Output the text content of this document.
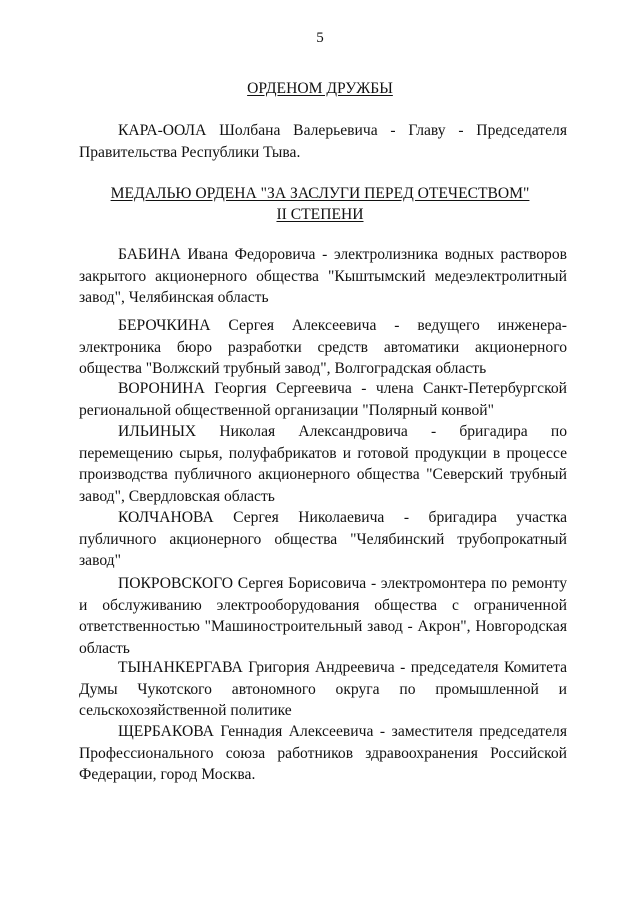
5
ОРДЕНОМ ДРУЖБЫ
КАРА-ООЛА Шолбана Валерьевича - Главу - Председателя Правительства Республики Тыва.
МЕДАЛЬЮ ОРДЕНА "ЗА ЗАСЛУГИ ПЕРЕД ОТЕЧЕСТВОМ"
II СТЕПЕНИ
БАБИНА Ивана Федоровича - электролизника водных растворов закрытого акционерного общества "Кыштымский медеэлектролитный завод", Челябинская область
БЕРОЧКИНА Сергея Алексеевича - ведущего инженера-электроника бюро разработки средств автоматики акционерного общества "Волжский трубный завод", Волгоградская область
ВОРОНИНА Георгия Сергеевича - члена Санкт-Петербургской региональной общественной организации "Полярный конвой"
ИЛЬИНЫХ Николая Александровича - бригадира по перемещению сырья, полуфабрикатов и готовой продукции в процессе производства публичного акционерного общества "Северский трубный завод", Свердловская область
КОЛЧАНОВА Сергея Николаевича - бригадира участка публичного акционерного общества "Челябинский трубопрокатный завод"
ПОКРОВСКОГО Сергея Борисовича - электромонтера по ремонту и обслуживанию электрооборудования общества с ограниченной ответственностью "Машиностроительный завод - Акрон", Новгородская область
ТЫНАНКЕРГАВА Григория Андреевича - председателя Комитета Думы Чукотского автономного округа по промышленной и сельскохозяйственной политике
ЩЕРБАКОВА Геннадия Алексеевича - заместителя председателя Профессионального союза работников здравоохранения Российской Федерации, город Москва.
